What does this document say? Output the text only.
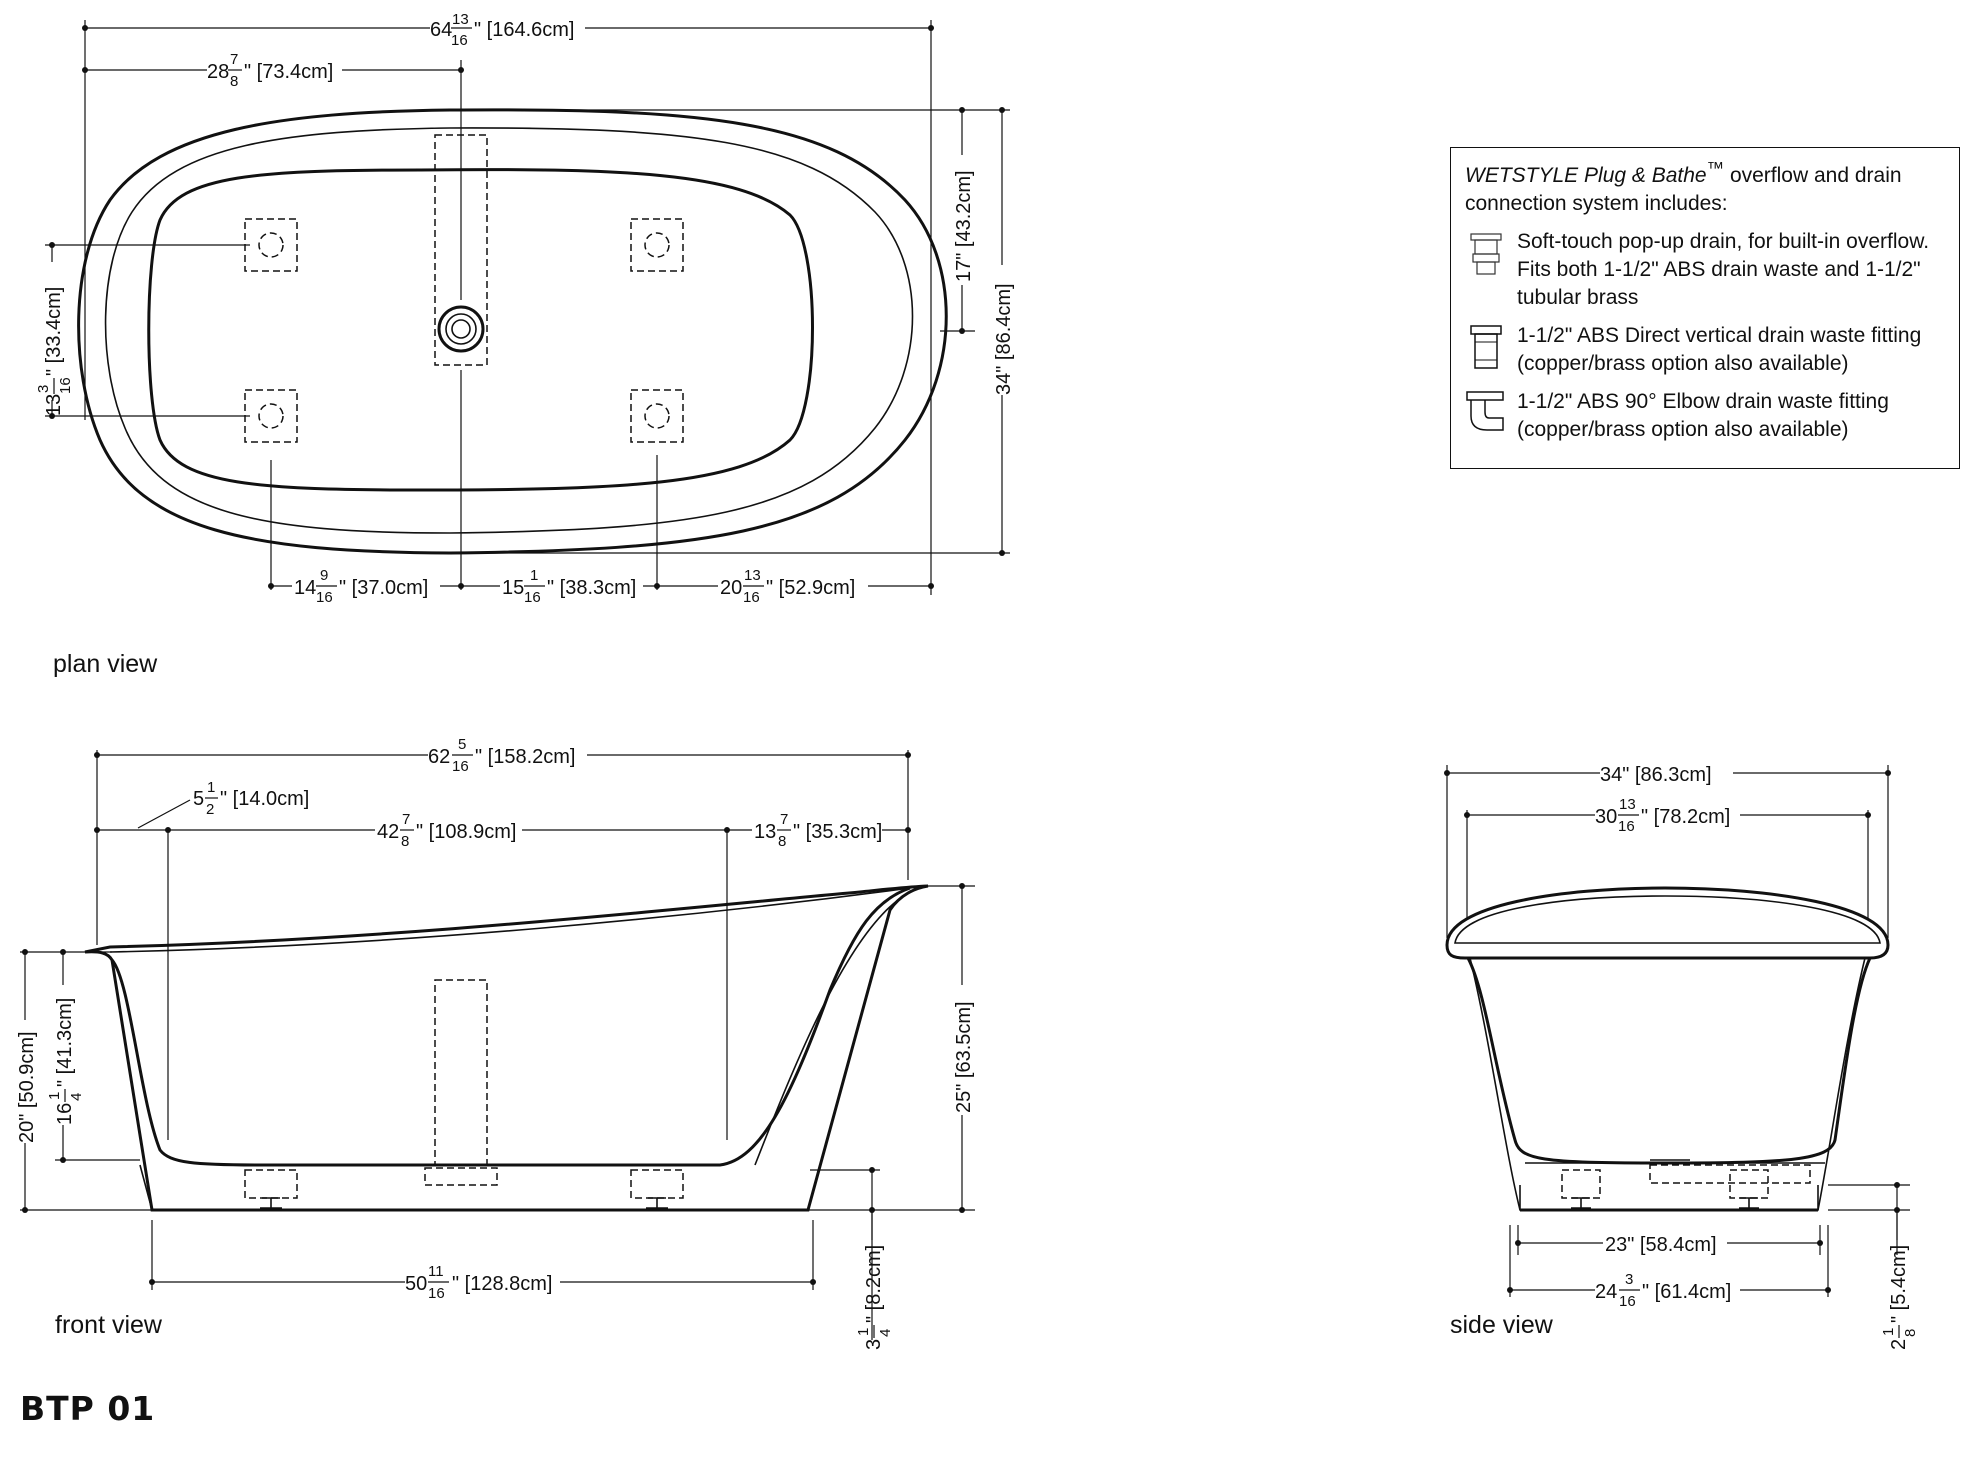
64 13
16 " [164.6cm]
28
7
8 " [73.4cm]
17" [43.2cm]
34" [86.4cm]
13
3 16
" [33.4cm]
14
9
16 " [37.0cm]	15
1
16 " [38.3cm]	20
13
16 " [52.9cm]
plan view
62
5
16 " [158.2cm]
5
1
2 " [14.0cm]
42
7
8 " [108.9cm]	13
7
8 " [35.3cm]
20" [50.9cm] 16
1 4
" [41.3cm]	25" [63.5cm]
50
11
16 " [128.8cm]
3
1 4
" [8.2cm]
front view
34" [86.3cm]
30
13
16 " [78.2cm]
23" [58.4cm]
24
3
16 " [61.4cm]
2
1 8
" [5.4cm]
side view
WETSTYLE Plug & Bathe™ overflow and drain connection system includes:
Soft-touch pop-up drain, for built-in overflow. Fits both 1-1/2" ABS drain waste and 1-1/2" tubular brass
1-1/2" ABS Direct vertical drain waste fitting (copper/brass option also available)
1-1/2" ABS 90° Elbow drain waste fitting (copper/brass option also available)
BTP 01
